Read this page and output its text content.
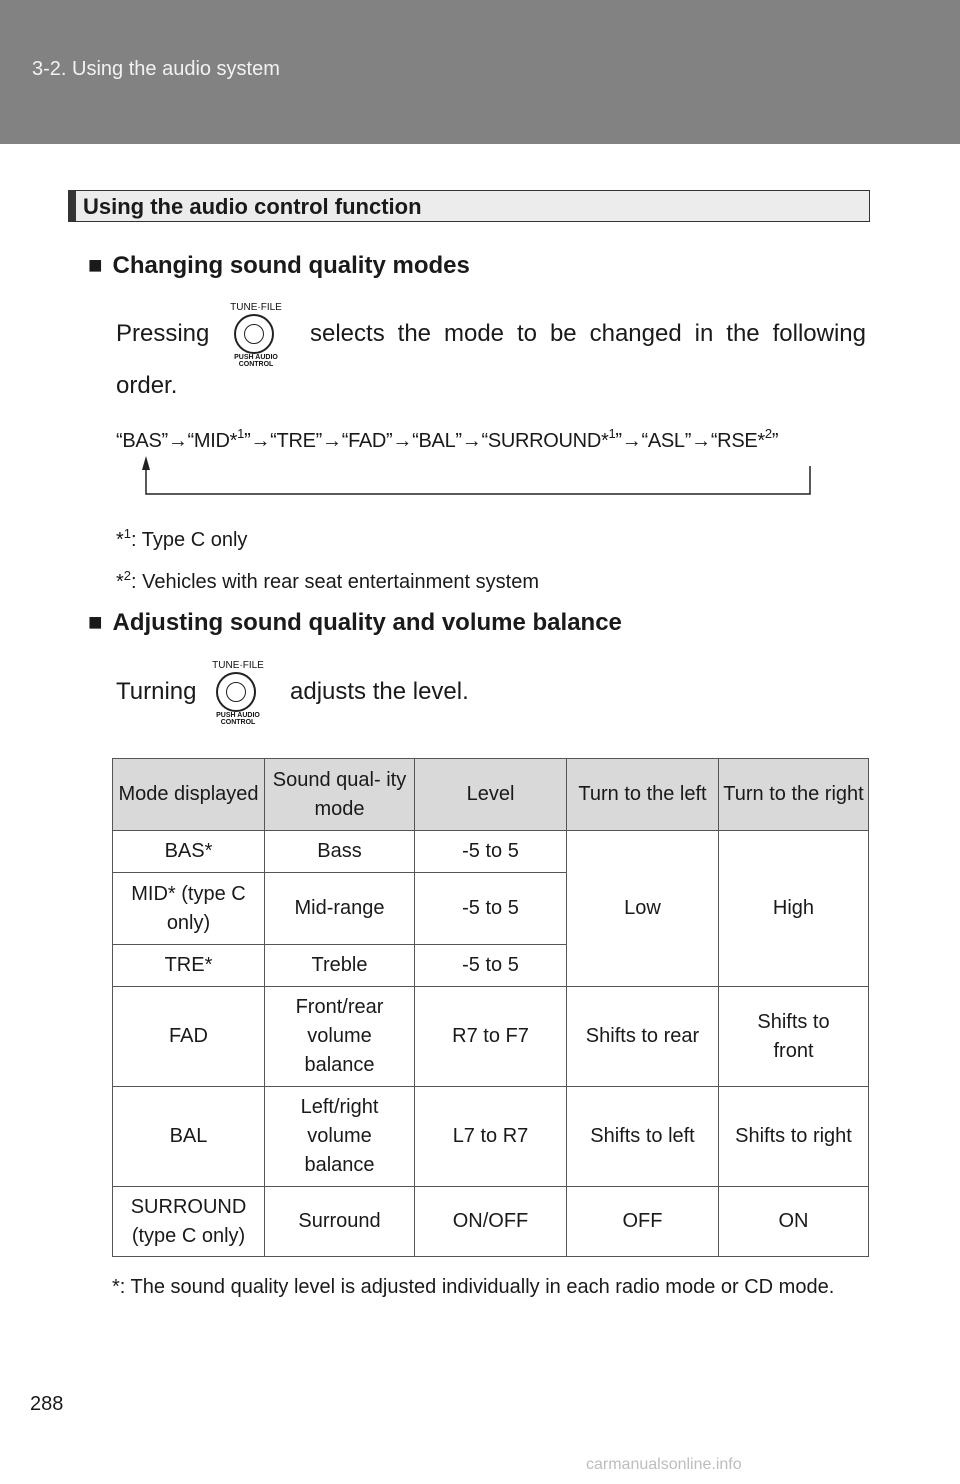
3-2. Using the audio system
Using the audio control function
■ Changing sound quality modes
Pressing
TUNE·FILE
PUSH AUDIO CONTROL
selects the mode to be changed in the following
order.
“BAS”→“MID*$^1$”→“TRE”→“FAD”→“BAL”→“SURROUND*$^1$”→“ASL”→“RSE*$^2$”
*$^1$: Type C only
*$^2$: Vehicles with rear seat entertainment system
■ Adjusting sound quality and volume balance
Turning
TUNE·FILE
PUSH AUDIO CONTROL
adjusts the level.
Mode displayed	Sound qual- ity mode	Level	Turn to the left	Turn to the right
BAS*	Bass	-5 to 5	Low	High
MID* (type C only)	Mid-range	-5 to 5		
TRE*	Treble	-5 to 5		
FAD	Front/rear volume balance	R7 to F7	Shifts to rear	Shifts to front
BAL	Left/right volume balance	L7 to R7	Shifts to left	Shifts to right
SURROUND (type C only)	Surround	ON/OFF	OFF	ON
*: The sound quality level is adjusted individually in each radio mode or CD mode.
288
carmanualsonline.info
